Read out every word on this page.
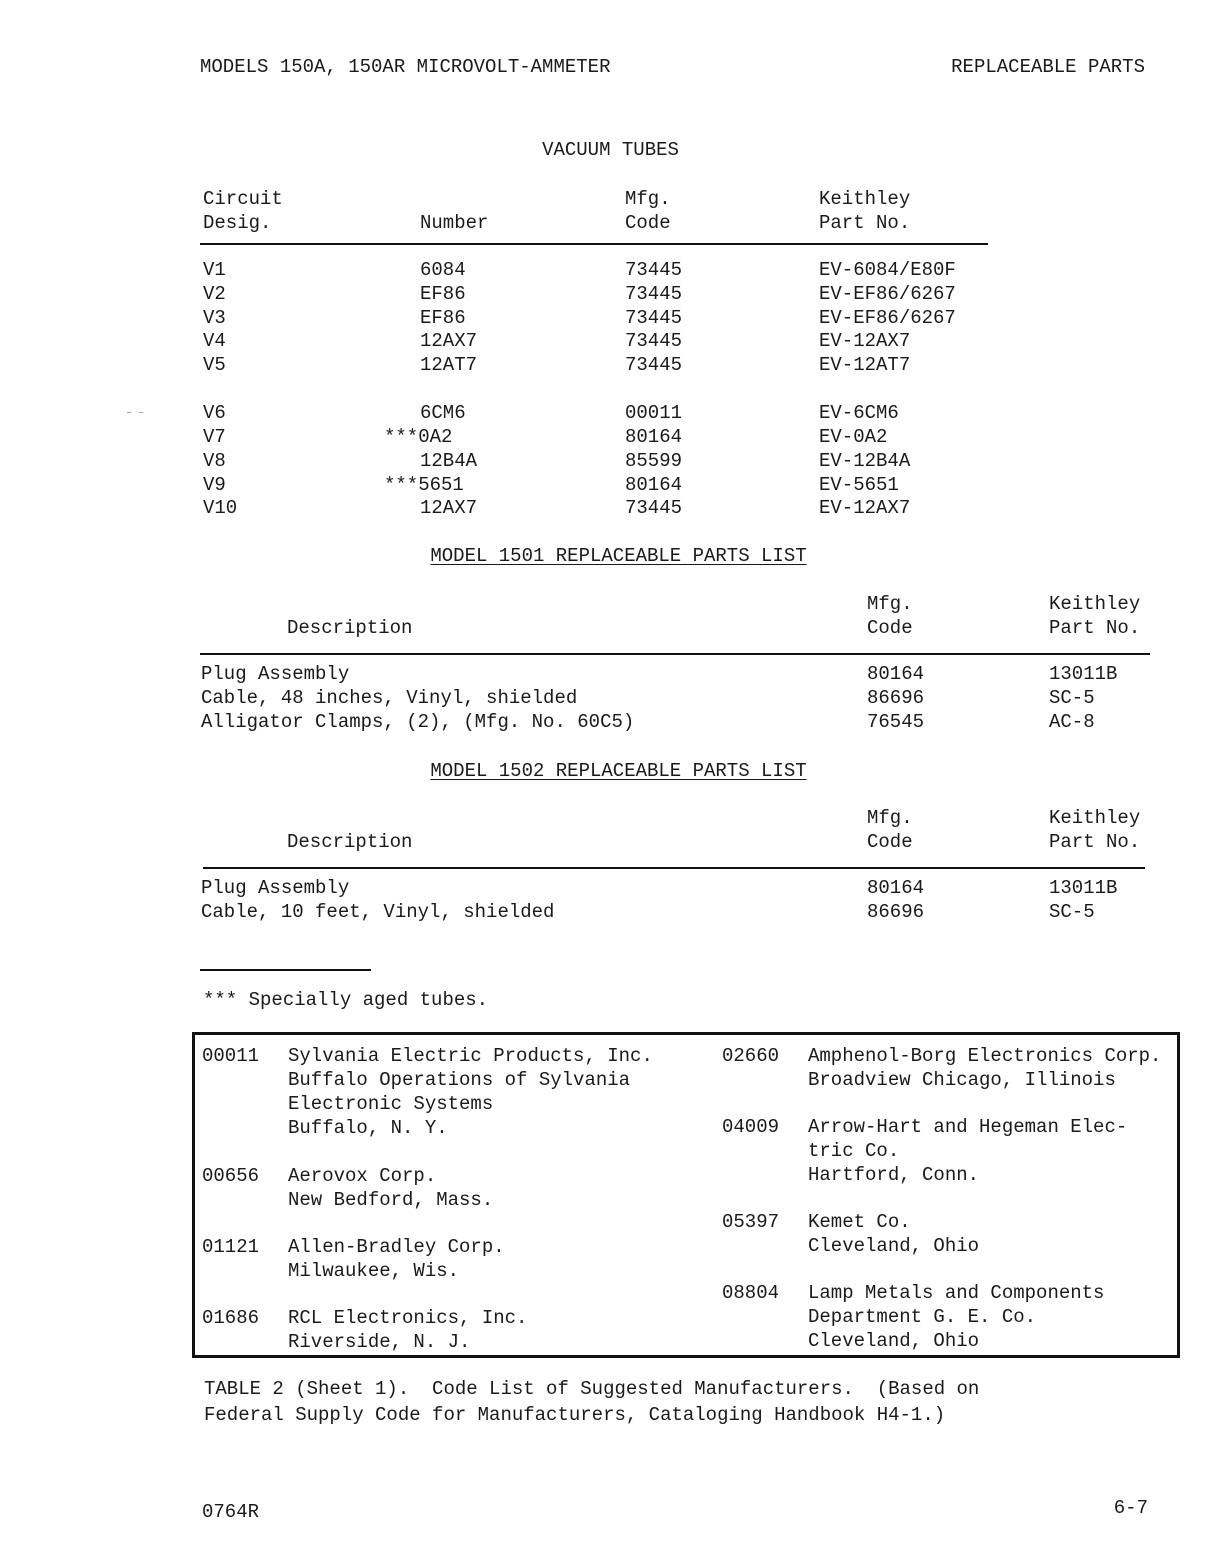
MODELS 150A, 150AR MICROVOLT-AMMETER	REPLACEABLE PARTS
VACUUM TUBES
Circuit
Desig.	Number
Mfg.
Code
Keithley
Part No.
V1	6084	73445	EV-6084/E80F
V2	EF86	73445	EV-EF86/6267
V3	EF86	73445	EV-EF86/6267
V4	12AX7	73445	EV-12AX7
V5	12AT7	73445	EV-12AT7
V6	6CM6	00011	EV-6CM6
V7	***0A2	80164	EV-0A2
V8	12B4A	85599	EV-12B4A
V9	***5651	80164	EV-5651
V10	12AX7	73445	EV-12AX7
– –
MODEL 1501 REPLACEABLE PARTS LIST
Description
Mfg.
Code
Keithley
Part No.
Plug Assembly	80164	13011B
Cable, 48 inches, Vinyl, shielded	86696	SC-5
Alligator Clamps, (2), (Mfg. No. 60C5)	76545	AC-8
MODEL 1502 REPLACEABLE PARTS LIST
Description
Mfg.
Code
Keithley
Part No.
Plug Assembly	80164	13011B
Cable, 10 feet, Vinyl, shielded	86696	SC-5
*** Specially aged tubes.
00011 Sylvania Electric Products, Inc.
Buffalo Operations of Sylvania
Electronic Systems
Buffalo, N. Y.
00656 Aerovox Corp.
New Bedford, Mass.
01121 Allen-Bradley Corp.
Milwaukee, Wis.
01686 RCL Electronics, Inc.
Riverside, N. J.
02660 Amphenol-Borg Electronics Corp.
Broadview Chicago, Illinois
04009 Arrow-Hart and Hegeman Elec-
tric Co.
Hartford, Conn.
05397 Kemet Co.
Cleveland, Ohio
08804 Lamp Metals and Components
Department G. E. Co.
Cleveland, Ohio
TABLE 2 (Sheet 1).  Code List of Suggested Manufacturers.  (Based on
Federal Supply Code for Manufacturers, Cataloging Handbook H4-1.)
0764R	6-7
